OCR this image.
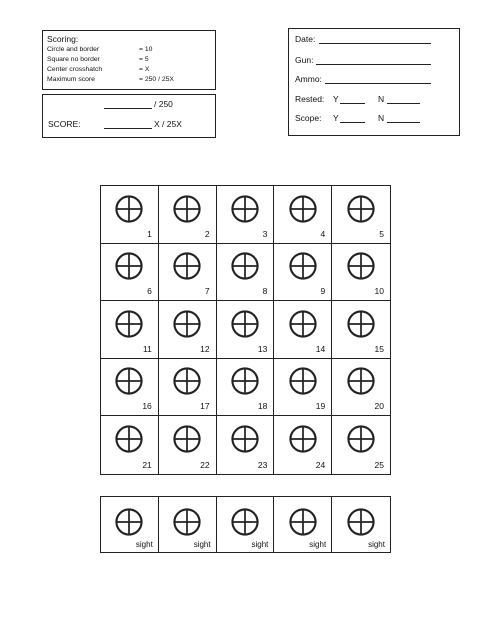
Scoring:
Circle and border	= 10
Square no border	= 5
Center crosshatch	= X
Maximum score	= 250 / 25X
/ 250
SCORE:	X / 25X
Date:
Gun:
Ammo:
Rested: Y	N
Scope: Y	N
1	2	3	4	5
6	7	8	9	10
11	12	13	14	15
16	17	18	19	20
21	22	23	24	25
sight	sight	sight	sight	sight
